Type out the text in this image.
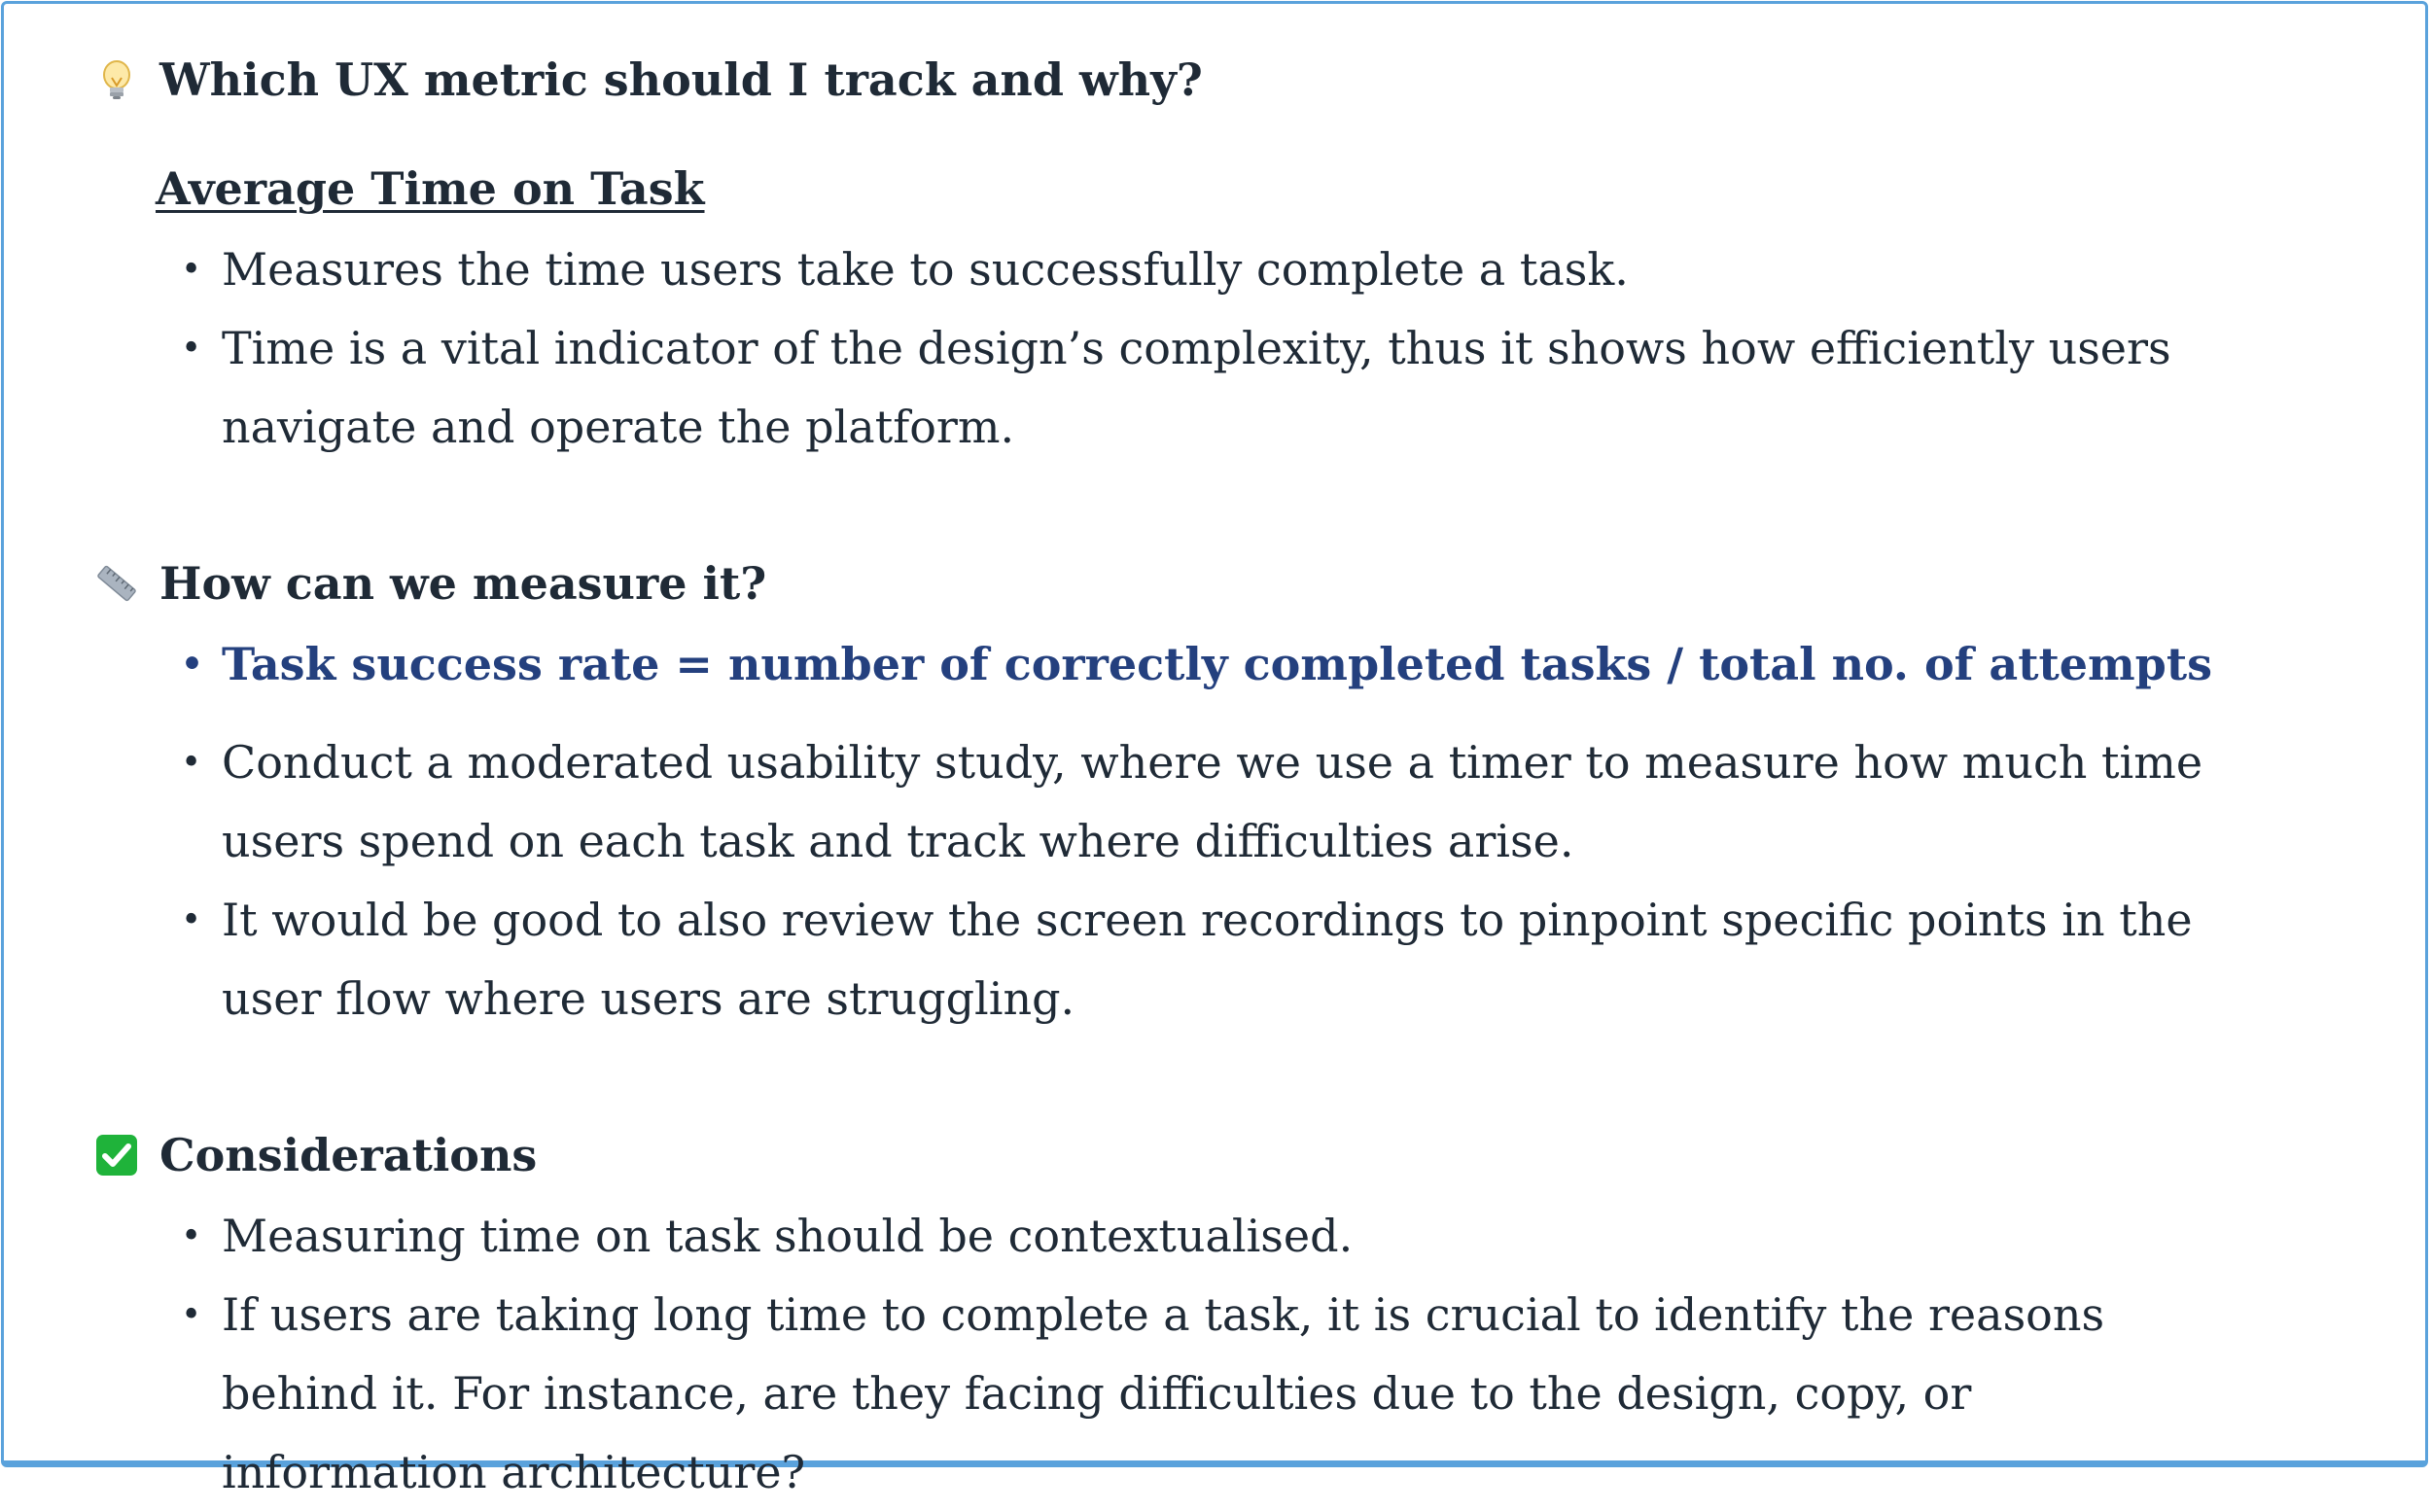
Which UX metric should I track and why?
Average Time on Task
• Measures the time users take to successfully complete a task.
• Time is a vital indicator of the design’s complexity, thus it shows how efficiently users navigate and operate the platform.
How can we measure it?
• Task success rate = number of correctly completed tasks / total no. of attempts
• Conduct a moderated usability study, where we use a timer to measure how much time users spend on each task and track where difficulties arise.
• It would be good to also review the screen recordings to pinpoint specific points in the user flow where users are struggling.
Considerations
• Measuring time on task should be contextualised.
• If users are taking long time to complete a task, it is crucial to identify the reasons behind it. For instance, are they facing difficulties due to the design, copy, or information architecture?
